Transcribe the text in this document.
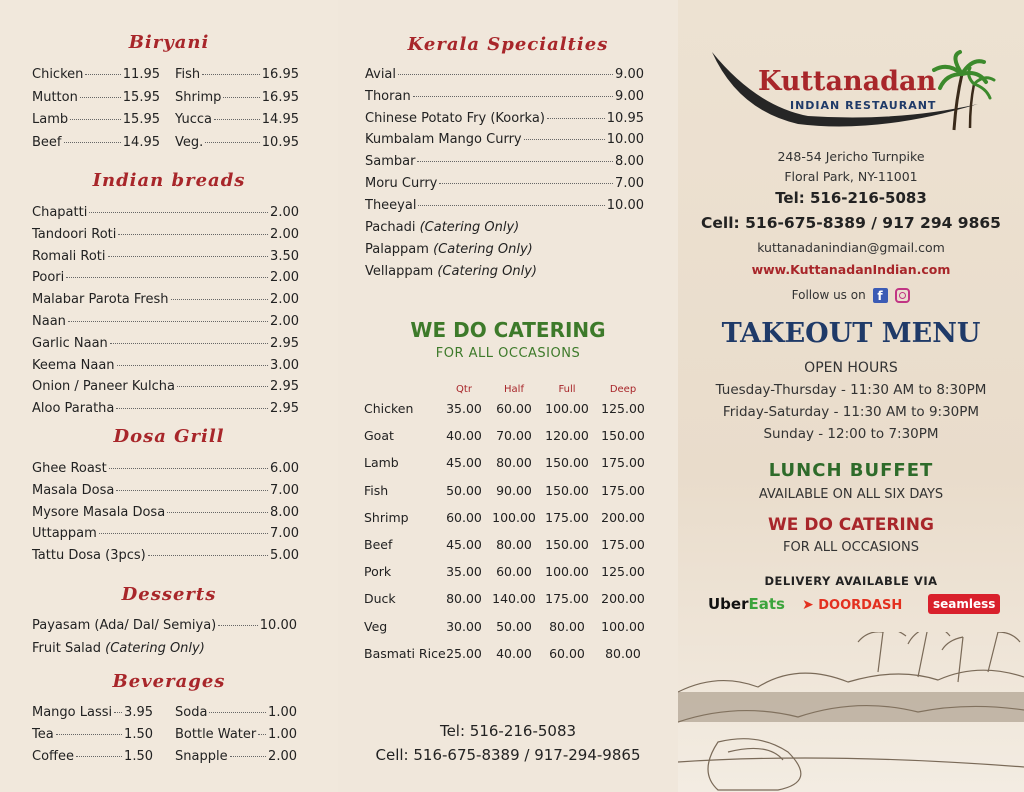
Biryani
Chicken	11.95
Mutton	15.95
Lamb	15.95
Beef	14.95
Fish	16.95
Shrimp	16.95
Yucca	14.95
Veg.	10.95
Indian breads
Chapatti	2.00
Tandoori Roti	2.00
Romali Roti	3.50
Poori	2.00
Malabar Parota Fresh	2.00
Naan	2.00
Garlic Naan	2.95
Keema Naan	3.00
Onion / Paneer Kulcha	2.95
Aloo Paratha	2.95
Dosa Grill
Ghee Roast	6.00
Masala Dosa	7.00
Mysore Masala Dosa	8.00
Uttappam	7.00
Tattu Dosa (3pcs)	5.00
Desserts
Payasam (Ada/ Dal/ Semiya)	10.00
Fruit Salad (Catering Only)
Beverages
Mango Lassi 3.95
Tea	1.50
Coffee	1.50
Soda	1.00
Bottle Water 1.00
Snapple	2.00
Kerala Specialties
Avial	9.00
Thoran	9.00
Chinese Potato Fry (Koorka)	10.95
Kumbalam Mango Curry	10.00
Sambar	8.00
Moru Curry	7.00
Theeyal	10.00
Pachadi (Catering Only)
Palappam (Catering Only)
Vellappam (Catering Only)
WE DO CATERING
FOR ALL OCCASIONS
Qtr	Half	Full	Deep
Chicken	35.00	60.00	100.00 125.00
Goat	40.00	70.00	120.00 150.00
Lamb	45.00	80.00	150.00 175.00
Fish	50.00	90.00	150.00 175.00
Shrimp	60.00 100.00 175.00 200.00
Beef	45.00	80.00	150.00 175.00
Pork	35.00	60.00	100.00 125.00
Duck	80.00 140.00 175.00 200.00
Veg	30.00	50.00	80.00	100.00
Basmati Rice 25.00	40.00	60.00	80.00
Tel: 516-216-5083
Cell: 516-675-8389 / 917-294-9865
Kuttanadan
INDIAN RESTAURANT
248-54 Jericho Turnpike
Floral Park, NY-11001
Tel: 516-216-5083
Cell: 516-675-8389 / 917 294 9865
kuttanadanindian@gmail.com
www.KuttanadanIndian.com
Follow us on f
TAKEOUT MENU
OPEN HOURS
Tuesday-Thursday - 11:30 AM to 8:30PM
Friday-Saturday - 11:30 AM to 9:30PM
Sunday - 12:00 to 7:30PM
LUNCH BUFFET
AVAILABLE ON ALL SIX DAYS
WE DO CATERING
FOR ALL OCCASIONS
DELIVERY AVAILABLE VIA
UberEats ➤ DOORDASH	seamless
